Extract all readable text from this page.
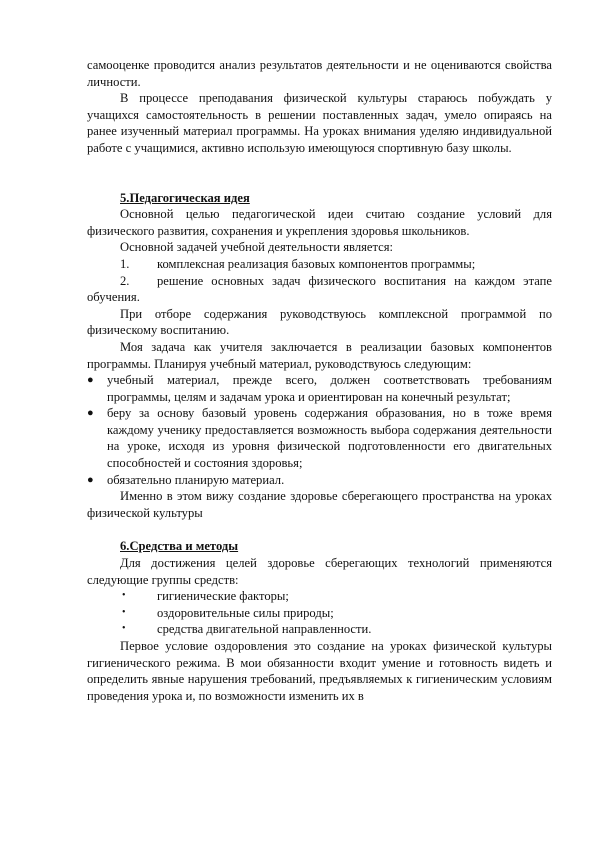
самооценке проводится анализ результатов деятельности и не оцениваются свойства личности.

В процессе преподавания физической культуры стараюсь побуждать у учащихся самостоятельность в решении поставленных задач, умело опираясь на ранее изученный материал программы. На уроках внимания уделяю индивидуальной работе с учащимися, активно использую имеющуюся спортивную базу школы.

5.Педагогическая идея

Основной целью педагогической идеи считаю создание условий для физического развития, сохранения и укрепления здоровья школьников.

Основной задачей учебной деятельности является:

1. комплексная реализация базовых компонентов программы;

2. решение основных задач физического воспитания на каждом этапе обучения.

При отборе содержания руководствуюсь комплексной программой по физическому воспитанию.

Моя задача как учителя заключается в реализации базовых компонентов программы. Планируя учебный материал, руководствуюсь следующим:

● учебный материал, прежде всего, должен соответствовать требованиям программы, целям и задачам урока и ориентирован на конечный результат;

● беру за основу базовый уровень содержания образования, но в тоже время каждому ученику предоставляется возможность выбора содержания деятельности на уроке, исходя из уровня физической подготовленности его двигательных способностей и состояния здоровья;

● обязательно планирую материал.

Именно в этом вижу создание здоровье сберегающего пространства на уроках физической культуры

6.Средства и методы

Для достижения целей здоровье сберегающих технологий применяются следующие группы средств:

• гигиенические факторы;

• оздоровительные силы природы;

• средства двигательной направленности.

Первое условие оздоровления это создание на уроках физической культуры гигиенического режима. В мои обязанности входит умение и готовность видеть и определить явные нарушения требований, предъявляемых к гигиеническим условиям проведения урока и, по возможности изменить их в
